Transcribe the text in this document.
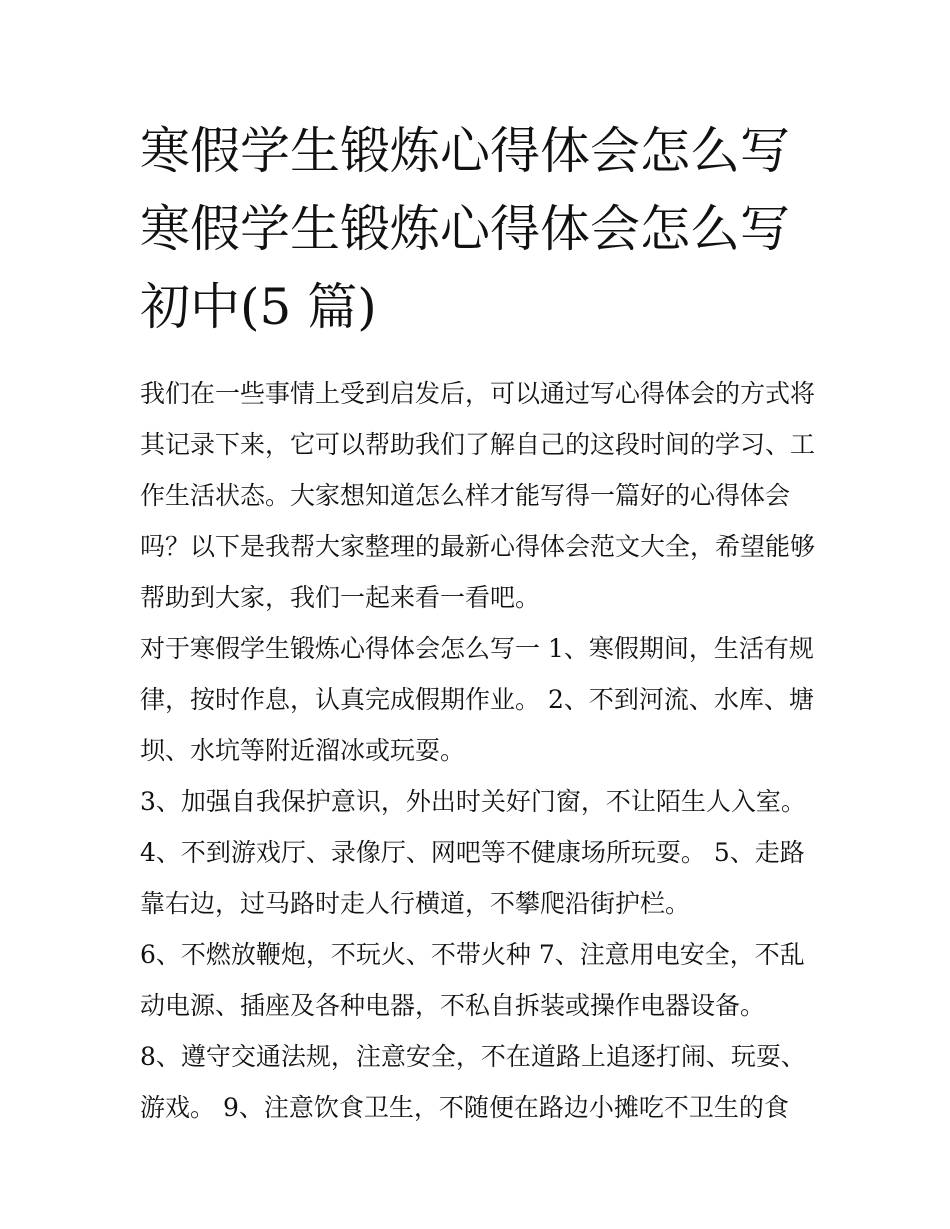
寒假学生锻炼心得体会怎么写
寒假学生锻炼心得体会怎么写
初中(5 篇)

我们在一些事情上受到启发后，可以通过写心得体会的方式将
其记录下来，它可以帮助我们了解自己的这段时间的学习、工
作生活状态。大家想知道怎么样才能写得一篇好的心得体会
吗？以下是我帮大家整理的最新心得体会范文大全，希望能够
帮助到大家，我们一起来看一看吧。

对于寒假学生锻炼心得体会怎么写一 1、寒假期间，生活有规
律，按时作息，认真完成假期作业。 2、不到河流、水库、塘
坝、水坑等附近溜冰或玩耍。

3、加强自我保护意识，外出时关好门窗，不让陌生人入室。

4、不到游戏厅、录像厅、网吧等不健康场所玩耍。 5、走路
靠右边，过马路时走人行横道，不攀爬沿街护栏。

6、不燃放鞭炮，不玩火、不带火种 7、注意用电安全，不乱
动电源、插座及各种电器，不私自拆装或操作电器设备。

8、遵守交通法规，注意安全，不在道路上追逐打闹、玩耍、
游戏。 9、注意饮食卫生，不随便在路边小摊吃不卫生的食
